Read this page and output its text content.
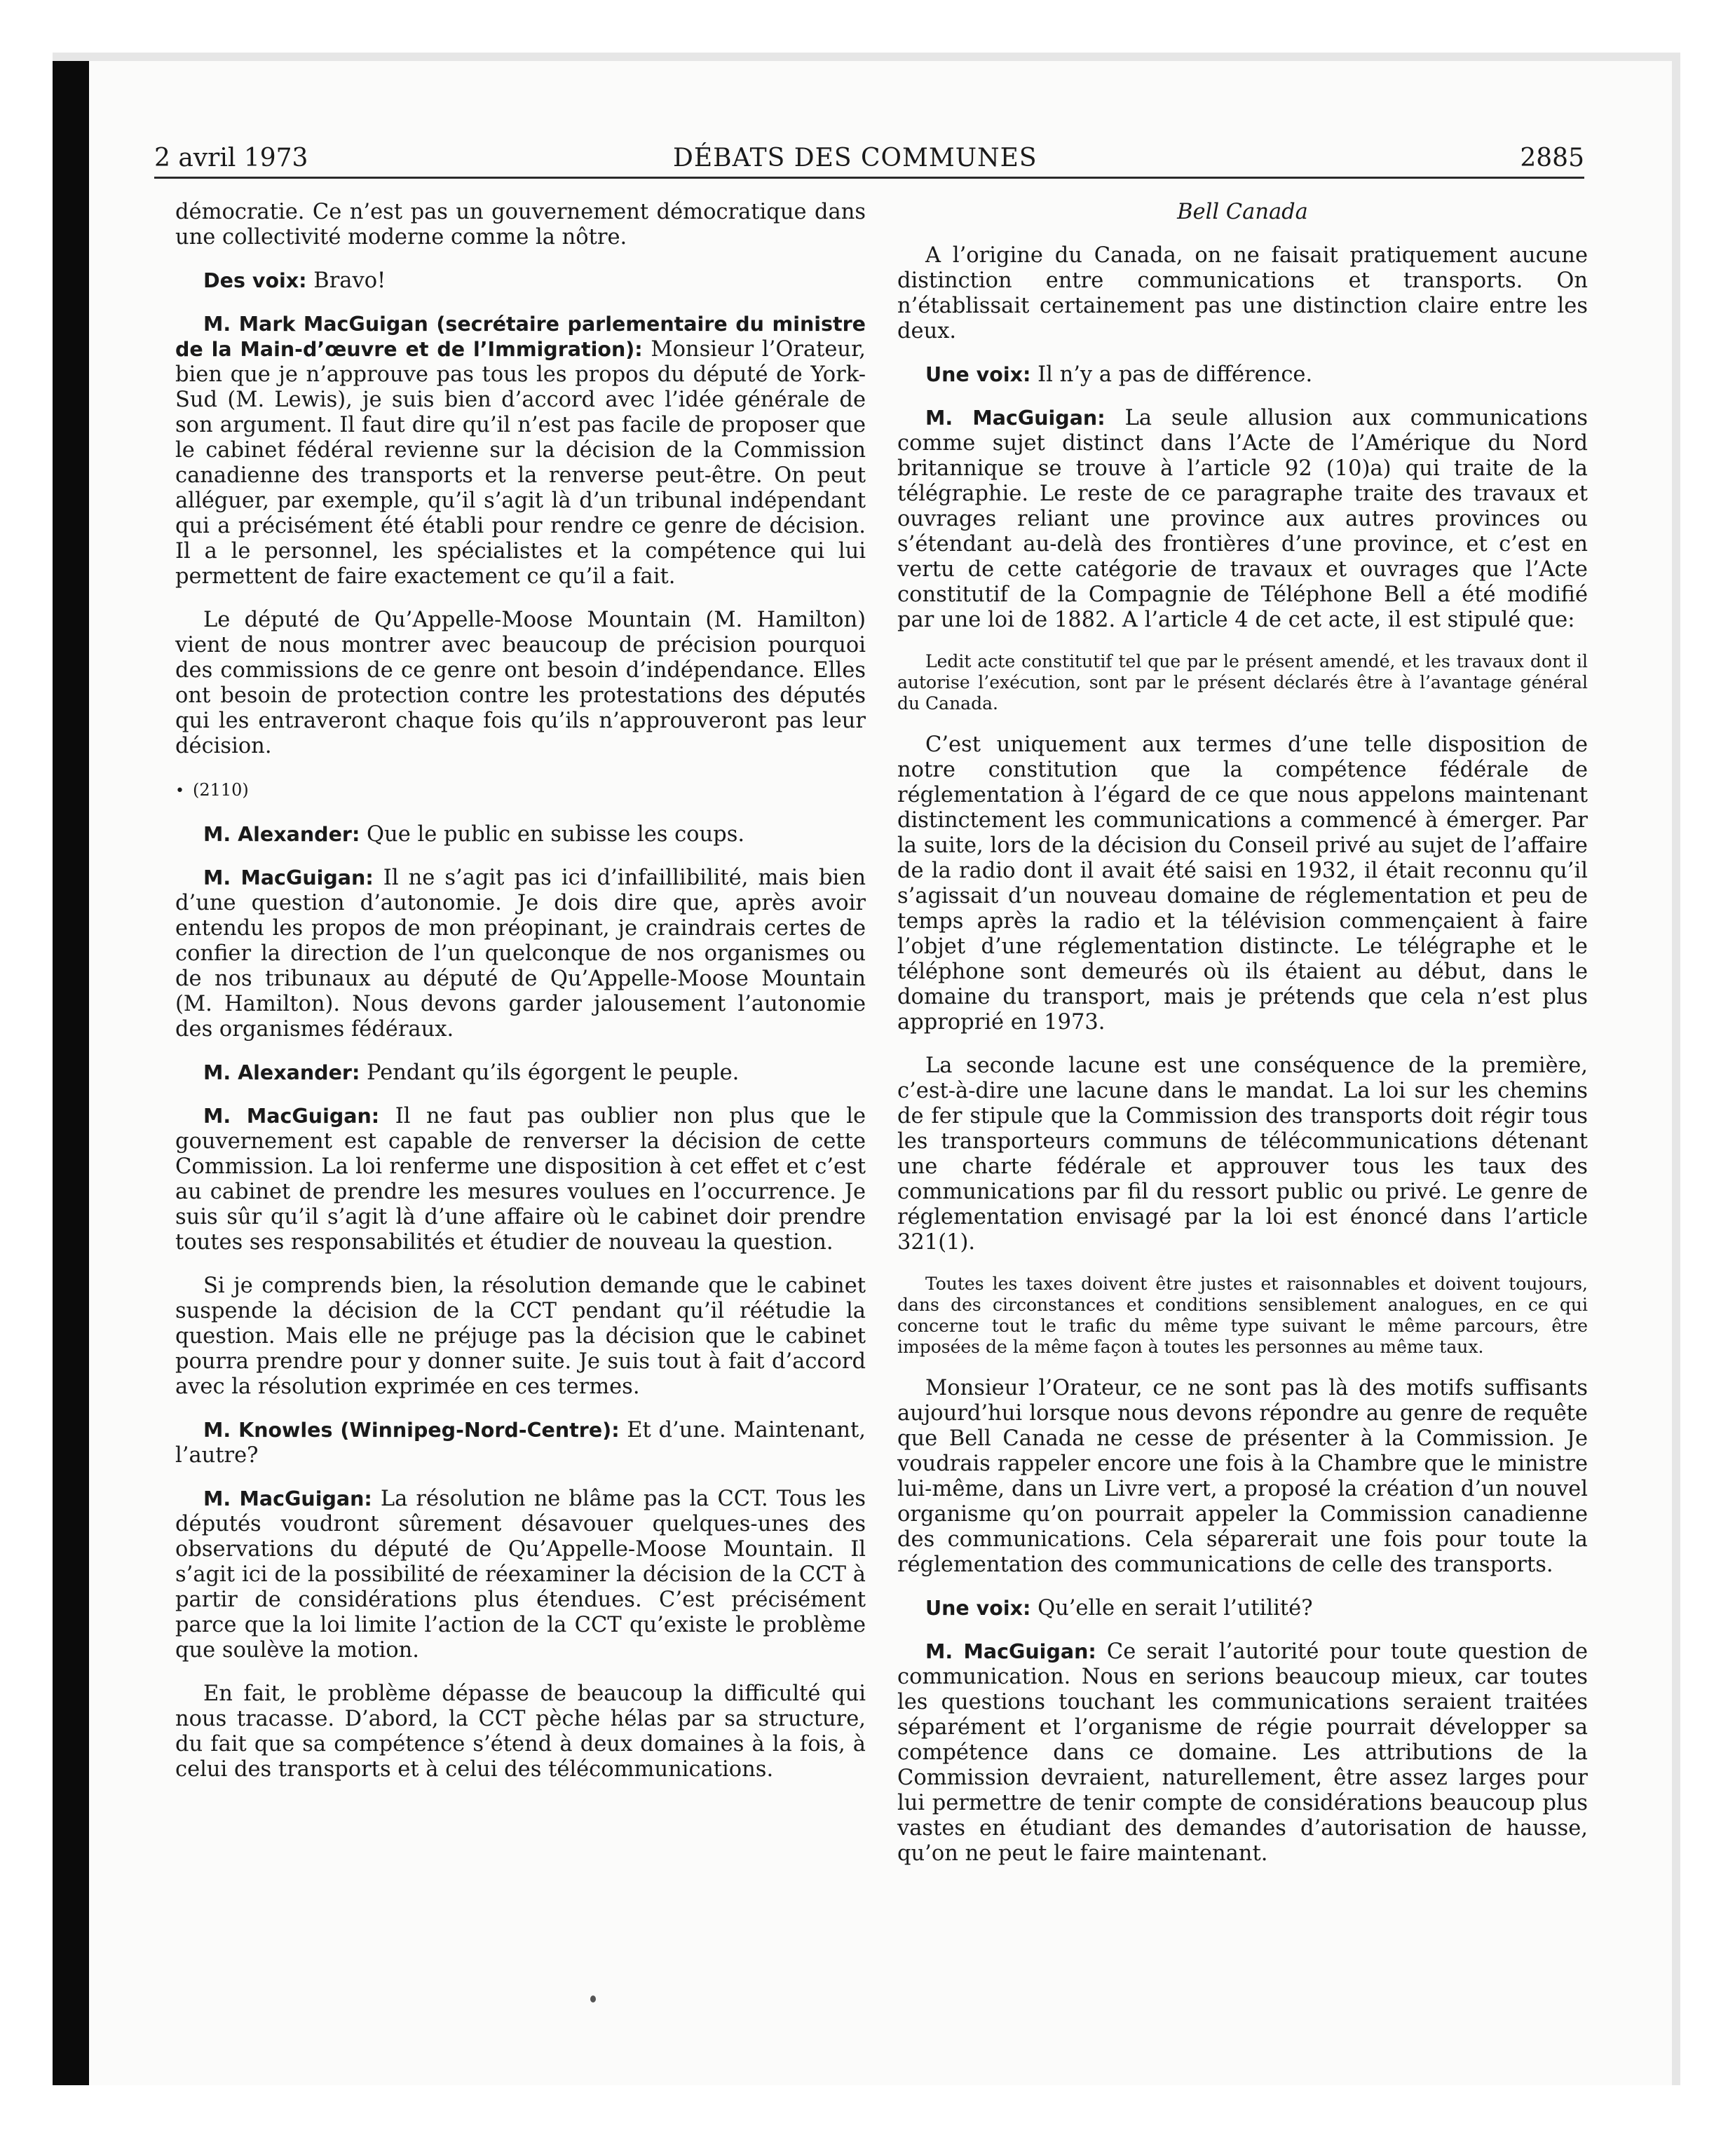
2 avril 1973	DÉBATS DES COMMUNES	2885

démocratie. Ce n’est pas un gouvernement démocratique dans une collectivité moderne comme la nôtre.

Des voix: Bravo!

M. Mark MacGuigan (secrétaire parlementaire du ministre de la Main-d’œuvre et de l’Immigration): Monsieur l’Orateur, bien que je n’approuve pas tous les propos du député de York-Sud (M. Lewis), je suis bien d’accord avec l’idée générale de son argument. Il faut dire qu’il n’est pas facile de proposer que le cabinet fédéral revienne sur la décision de la Commission canadienne des transports et la renverse peut-être. On peut alléguer, par exemple, qu’il s’agit là d’un tribunal indépendant qui a précisément été établi pour rendre ce genre de décision. Il a le personnel, les spécialistes et la compétence qui lui permettent de faire exactement ce qu’il a fait.

Le député de Qu’Appelle-Moose Mountain (M. Hamilton) vient de nous montrer avec beaucoup de précision pourquoi des commissions de ce genre ont besoin d’indépendance. Elles ont besoin de protection contre les protestations des députés qui les entraveront chaque fois qu’ils n’approuveront pas leur décision.

• (2110)

M. Alexander: Que le public en subisse les coups.

M. MacGuigan: Il ne s’agit pas ici d’infaillibilité, mais bien d’une question d’autonomie. Je dois dire que, après avoir entendu les propos de mon préopinant, je craindrais certes de confier la direction de l’un quelconque de nos organismes ou de nos tribunaux au député de Qu’Appelle-Moose Mountain (M. Hamilton). Nous devons garder jalousement l’autonomie des organismes fédéraux.

M. Alexander: Pendant qu’ils égorgent le peuple.

M. MacGuigan: Il ne faut pas oublier non plus que le gouvernement est capable de renverser la décision de cette Commission. La loi renferme une disposition à cet effet et c’est au cabinet de prendre les mesures voulues en l’occurrence. Je suis sûr qu’il s’agit là d’une affaire où le cabinet doir prendre toutes ses responsabilités et étudier de nouveau la question.

Si je comprends bien, la résolution demande que le cabinet suspende la décision de la CCT pendant qu’il réétudie la question. Mais elle ne préjuge pas la décision que le cabinet pourra prendre pour y donner suite. Je suis tout à fait d’accord avec la résolution exprimée en ces termes.

M. Knowles (Winnipeg-Nord-Centre): Et d’une. Maintenant, l’autre?

M. MacGuigan: La résolution ne blâme pas la CCT. Tous les députés voudront sûrement désavouer quelques-unes des observations du député de Qu’Appelle-Moose Mountain. Il s’agit ici de la possibilité de réexaminer la décision de la CCT à partir de considérations plus étendues. C’est précisément parce que la loi limite l’action de la CCT qu’existe le problème que soulève la motion.

En fait, le problème dépasse de beaucoup la difficulté qui nous tracasse. D’abord, la CCT pèche hélas par sa structure, du fait que sa compétence s’étend à deux domaines à la fois, à celui des transports et à celui des télécommunications.

Bell Canada

A l’origine du Canada, on ne faisait pratiquement aucune distinction entre communications et transports. On n’établissait certainement pas une distinction claire entre les deux.

Une voix: Il n’y a pas de différence.

M. MacGuigan: La seule allusion aux communications comme sujet distinct dans l’Acte de l’Amérique du Nord britannique se trouve à l’article 92 (10)a) qui traite de la télégraphie. Le reste de ce paragraphe traite des travaux et ouvrages reliant une province aux autres provinces ou s’étendant au-delà des frontières d’une province, et c’est en vertu de cette catégorie de travaux et ouvrages que l’Acte constitutif de la Compagnie de Téléphone Bell a été modifié par une loi de 1882. A l’article 4 de cet acte, il est stipulé que:

Ledit acte constitutif tel que par le présent amendé, et les travaux dont il autorise l’exécution, sont par le présent déclarés être à l’avantage général du Canada.

C’est uniquement aux termes d’une telle disposition de notre constitution que la compétence fédérale de réglementation à l’égard de ce que nous appelons maintenant distinctement les communications a commencé à émerger. Par la suite, lors de la décision du Conseil privé au sujet de l’affaire de la radio dont il avait été saisi en 1932, il était reconnu qu’il s’agissait d’un nouveau domaine de réglementation et peu de temps après la radio et la télévision commençaient à faire l’objet d’une réglementation distincte. Le télégraphe et le téléphone sont demeurés où ils étaient au début, dans le domaine du transport, mais je prétends que cela n’est plus approprié en 1973.

La seconde lacune est une conséquence de la première, c’est-à-dire une lacune dans le mandat. La loi sur les chemins de fer stipule que la Commission des transports doit régir tous les transporteurs communs de télécommunications détenant une charte fédérale et approuver tous les taux des communications par fil du ressort public ou privé. Le genre de réglementation envisagé par la loi est énoncé dans l’article 321(1).

Toutes les taxes doivent être justes et raisonnables et doivent toujours, dans des circonstances et conditions sensiblement analogues, en ce qui concerne tout le trafic du même type suivant le même parcours, être imposées de la même façon à toutes les personnes au même taux.

Monsieur l’Orateur, ce ne sont pas là des motifs suffisants aujourd’hui lorsque nous devons répondre au genre de requête que Bell Canada ne cesse de présenter à la Commission. Je voudrais rappeler encore une fois à la Chambre que le ministre lui-même, dans un Livre vert, a proposé la création d’un nouvel organisme qu’on pourrait appeler la Commission canadienne des communications. Cela séparerait une fois pour toute la réglementation des communications de celle des transports.

Une voix: Qu’elle en serait l’utilité?

M. MacGuigan: Ce serait l’autorité pour toute question de communication. Nous en serions beaucoup mieux, car toutes les questions touchant les communications seraient traitées séparément et l’organisme de régie pourrait développer sa compétence dans ce domaine. Les attributions de la Commission devraient, naturellement, être assez larges pour lui permettre de tenir compte de considérations beaucoup plus vastes en étudiant des demandes d’autorisation de hausse, qu’on ne peut le faire maintenant.
